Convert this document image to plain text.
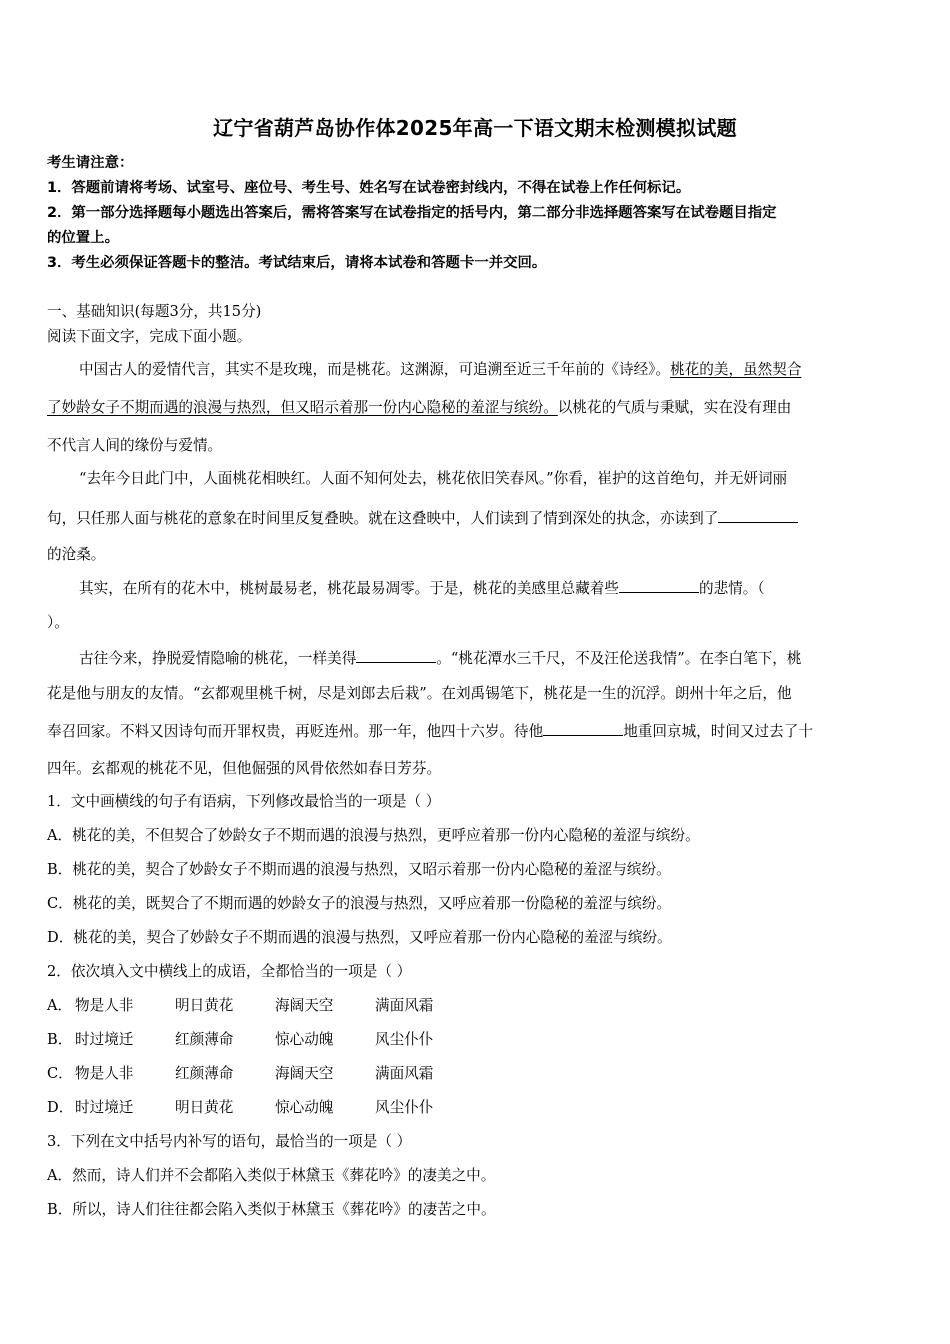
辽宁省葫芦岛协作体2025年高一下语文期末检测模拟试题
考生请注意：
1．答题前请将考场、试室号、座位号、考生号、姓名写在试卷密封线内，不得在试卷上作任何标记。
2．第一部分选择题每小题选出答案后，需将答案写在试卷指定的括号内，第二部分非选择题答案写在试卷题目指定
的位置上。
3．考生必须保证答题卡的整洁。考试结束后，请将本试卷和答题卡一并交回。
一、基础知识(每题3分，共15分)
阅读下面文字，完成下面小题。
中国古人的爱情代言，其实不是玫瑰，而是桃花。这渊源，可追溯至近三千年前的《诗经》。桃花的美，虽然契合
了妙龄女子不期而遇的浪漫与热烈，但又昭示着那一份内心隐秘的羞涩与缤纷。以桃花的气质与秉赋，实在没有理由
不代言人间的缘份与爱情。
“去年今日此门中，人面桃花相映红。人面不知何处去，桃花依旧笑春风。”你看，崔护的这首绝句，并无妍词丽
句，只任那人面与桃花的意象在时间里反复叠映。就在这叠映中，人们读到了情到深处的执念，亦读到了
的沧桑。
其实，在所有的花木中，桃树最易老，桃花最易凋零。于是，桃花的美感里总藏着些	的悲情。（
）。
古往今来，挣脱爱情隐喻的桃花，一样美得	。“桃花潭水三千尺，不及汪伦送我情”。在李白笔下，桃
花是他与朋友的友情。“玄都观里桃千树，尽是刘郎去后栽”。在刘禹锡笔下，桃花是一生的沉浮。朗州十年之后，他
奉召回家。不料又因诗句而开罪权贵，再贬连州。那一年，他四十六岁。待他	地重回京城，时间又过去了十
四年。玄都观的桃花不见，但他倔强的风骨依然如春日芳芬。
1．文中画横线的句子有语病，下列修改最恰当的一项是（ ）
A．桃花的美，不但契合了妙龄女子不期而遇的浪漫与热烈，更呼应着那一份内心隐秘的羞涩与缤纷。
B．桃花的美，契合了妙龄女子不期而遇的浪漫与热烈，又昭示着那一份内心隐秘的羞涩与缤纷。
C．桃花的美，既契合了不期而遇的妙龄女子的浪漫与热烈，又呼应着那一份隐秘的羞涩与缤纷。
D．桃花的美，契合了妙龄女子不期而遇的浪漫与热烈，又呼应着那一份内心隐秘的羞涩与缤纷。
2．依次填入文中横线上的成语，全都恰当的一项是（ ）
A． 物是人非	明日黄花	海阔天空	满面风霜
B． 时过境迁	红颜薄命	惊心动魄	风尘仆仆
C． 物是人非	红颜薄命	海阔天空	满面风霜
D． 时过境迁	明日黄花	惊心动魄	风尘仆仆
3．下列在文中括号内补写的语句，最恰当的一项是（ ）
A．然而，诗人们并不会都陷入类似于林黛玉《葬花吟》的凄美之中。
B．所以，诗人们往往都会陷入类似于林黛玉《葬花吟》的凄苦之中。
